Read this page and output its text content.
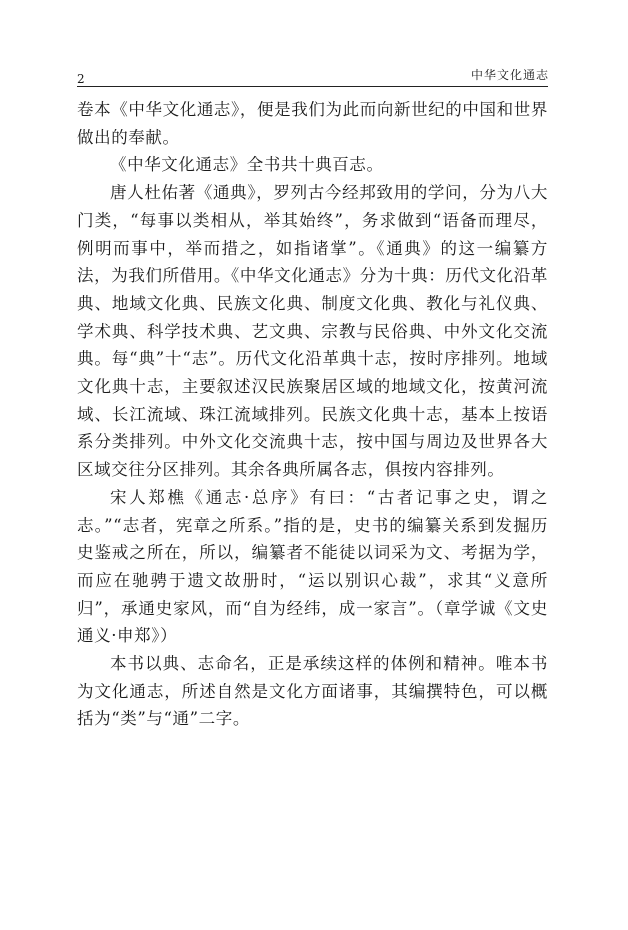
2	中华文化通志

卷本《中华文化通志》，便是我们为此而向新世纪的中国和世界做出的奉献。

《中华文化通志》全书共十典百志。

唐人杜佑著《通典》，罗列古今经邦致用的学问，分为八大门类，“每事以类相从，举其始终”，务求做到“语备而理尽，例明而事中，举而措之，如指诸掌”。《通典》的这一编纂方法，为我们所借用。《中华文化通志》分为十典：历代文化沿革典、地域文化典、民族文化典、制度文化典、教化与礼仪典、学术典、科学技术典、艺文典、宗教与民俗典、中外文化交流典。每“典”十“志”。历代文化沿革典十志，按时序排列。地域文化典十志，主要叙述汉民族聚居区域的地域文化，按黄河流域、长江流域、珠江流域排列。民族文化典十志，基本上按语系分类排列。中外文化交流典十志，按中国与周边及世界各大区域交往分区排列。其余各典所属各志，俱按内容排列。

宋人郑樵《通志·总序》有曰：“古者记事之史，谓之志。”“志者，宪章之所系。”指的是，史书的编纂关系到发掘历史鉴戒之所在，所以，编纂者不能徒以词采为文、考据为学，而应在驰骋于遗文故册时，“运以别识心裁”，求其“义意所归”，承通史家风，而“自为经纬，成一家言”。（章学诚《文史通义·申郑》）

本书以典、志命名，正是承续这样的体例和精神。唯本书为文化通志，所述自然是文化方面诸事，其编撰特色，可以概括为“类”与“通”二字。
